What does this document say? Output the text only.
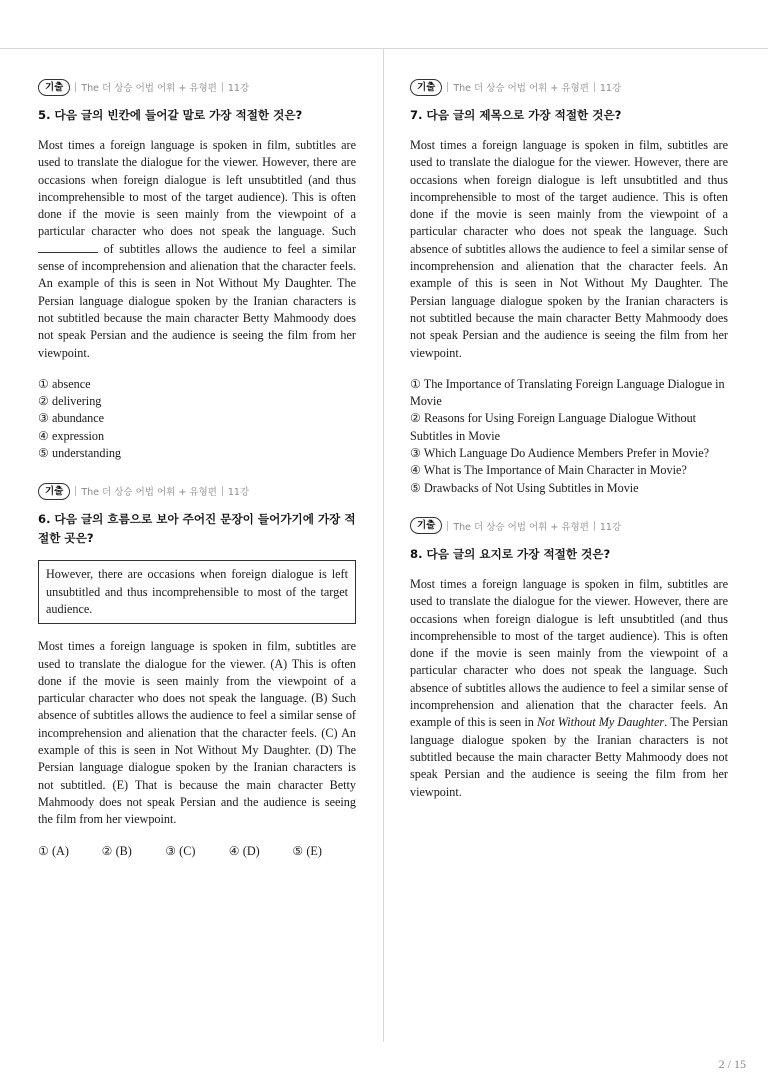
기출	The 더 상승 어법 어휘 + 유형편 11강

5. 다음 글의 빈칸에 들어갈 말로 가장 적절한 것은?

Most times a foreign language is spoken in film, subtitles are used to translate the dialogue for the viewer. However, there are occasions when foreign dialogue is left unsubtitled (and thus incomprehensible to most of the target audience). This is often done if the movie is seen mainly from the viewpoint of a particular character who does not speak the language. Such  of subtitles allows the audience to feel a similar sense of incomprehension and alienation that the character feels. An example of this is seen in Not Without My Daughter. The Persian language dialogue spoken by the Iranian characters is not subtitled because the main character Betty Mahmoody does not speak Persian and the audience is seeing the film from her viewpoint.

① absence
② delivering
③ abundance
④ expression
⑤ understanding
기출	The 더 상승 어법 어휘 + 유형편 11강

6. 다음 글의 흐름으로 보아 주어진 문장이 들어가기에 가장 적절한 곳은?

However, there are occasions when foreign dialogue is left unsubtitled and thus incomprehensible to most of the target audience.

Most times a foreign language is spoken in film, subtitles are used to translate the dialogue for the viewer. (A) This is often done if the movie is seen mainly from the viewpoint of a particular character who does not speak the language. (B) Such absence of subtitles allows the audience to feel a similar sense of incomprehension and alienation that the character feels. (C) An example of this is seen in Not Without My Daughter. (D) The Persian language dialogue spoken by the Iranian characters is not subtitled. (E) That is because the main character Betty Mahmoody does not speak Persian and the audience is seeing the film from her viewpoint.

① (A)	② (B)	③ (C)	④ (D)	⑤ (E)
기출	The 더 상승 어법 어휘 + 유형편 11강

7. 다음 글의 제목으로 가장 적절한 것은?

Most times a foreign language is spoken in film, subtitles are used to translate the dialogue for the viewer. However, there are occasions when foreign dialogue is left unsubtitled and thus incomprehensible to most of the target audience. This is often done if the movie is seen mainly from the viewpoint of a particular character who does not speak the language. Such absence of subtitles allows the audience to feel a similar sense of incomprehension and alienation that the character feels. An example of this is seen in Not Without My Daughter. The Persian language dialogue spoken by the Iranian characters is not subtitled because the main character Betty Mahmoody does not speak Persian and the audience is seeing the film from her viewpoint.

① The Importance of Translating Foreign Language Dialogue in Movie
② Reasons for Using Foreign Language Dialogue Without Subtitles in Movie
③ Which Language Do Audience Members Prefer in Movie?
④ What is The Importance of Main Character in Movie?
⑤ Drawbacks of Not Using Subtitles in Movie
기출	The 더 상승 어법 어휘 + 유형편 11강

8. 다음 글의 요지로 가장 적절한 것은?

Most times a foreign language is spoken in film, subtitles are used to translate the dialogue for the viewer. However, there are occasions when foreign dialogue is left unsubtitled (and thus incomprehensible to most of the target audience). This is often done if the movie is seen mainly from the viewpoint of a particular character who does not speak the language. Such absence of subtitles allows the audience to feel a similar sense of incomprehension and alienation that the character feels. An example of this is seen in Not Without My Daughter. The Persian language dialogue spoken by the Iranian characters is not subtitled because the main character Betty Mahmoody does not speak Persian and the audience is seeing the film from her viewpoint.

2 / 15
